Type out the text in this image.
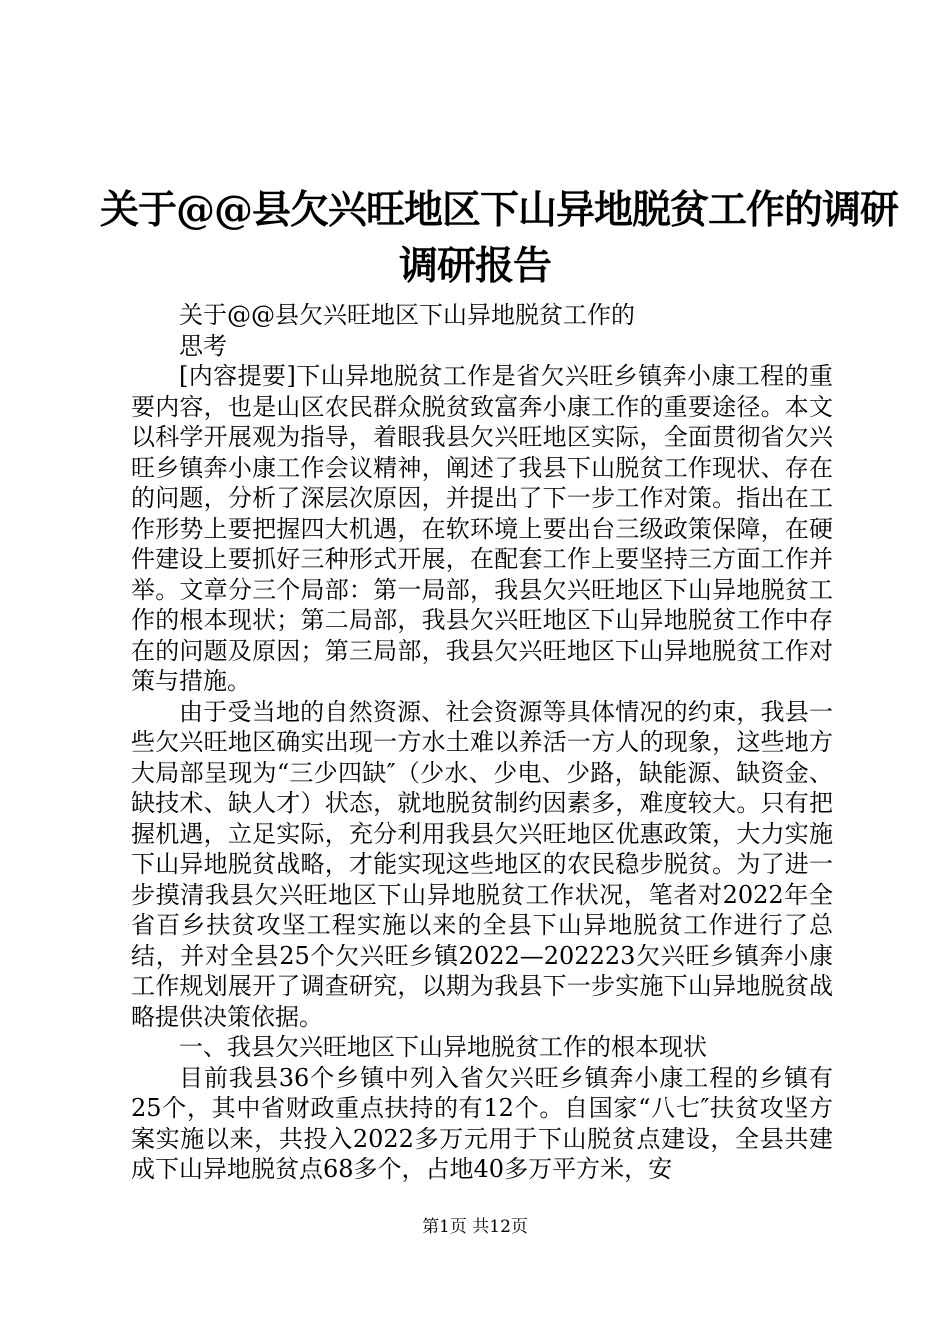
关于@@县欠兴旺地区下山异地脱贫工作的调研
调研报告

关于@@县欠兴旺地区下山异地脱贫工作的

思考

[内容提要]下山异地脱贫工作是省欠兴旺乡镇奔小康工程的重要内容，也是山区农民群众脱贫致富奔小康工作的重要途径。本文以科学开展观为指导，着眼我县欠兴旺地区实际，全面贯彻省欠兴旺乡镇奔小康工作会议精神，阐述了我县下山脱贫工作现状、存在的问题，分析了深层次原因，并提出了下一步工作对策。指出在工作形势上要把握四大机遇，在软环境上要出台三级政策保障，在硬件建设上要抓好三种形式开展，在配套工作上要坚持三方面工作并举。文章分三个局部：第一局部，我县欠兴旺地区下山异地脱贫工作的根本现状；第二局部，我县欠兴旺地区下山异地脱贫工作中存在的问题及原因；第三局部，我县欠兴旺地区下山异地脱贫工作对策与措施。

由于受当地的自然资源、社会资源等具体情况的约束，我县一些欠兴旺地区确实出现一方水土难以养活一方人的现象，这些地方大局部呈现为“三少四缺″（少水、少电、少路，缺能源、缺资金、缺技术、缺人才）状态，就地脱贫制约因素多，难度较大。只有把握机遇，立足实际，充分利用我县欠兴旺地区优惠政策，大力实施下山异地脱贫战略，才能实现这些地区的农民稳步脱贫。为了进一步摸清我县欠兴旺地区下山异地脱贫工作状况，笔者对2022年全省百乡扶贫攻坚工程实施以来的全县下山异地脱贫工作进行了总结，并对全县25个欠兴旺乡镇2022—202223欠兴旺乡镇奔小康工作规划展开了调查研究，以期为我县下一步实施下山异地脱贫战略提供决策依据。

一、我县欠兴旺地区下山异地脱贫工作的根本现状

目前我县36个乡镇中列入省欠兴旺乡镇奔小康工程的乡镇有25个，其中省财政重点扶持的有12个。自国家“八七″扶贫攻坚方案实施以来，共投入2022多万元用于下山脱贫点建设，全县共建成下山异地脱贫点68多个，占地40多万平方米，安

第1页 共12页
